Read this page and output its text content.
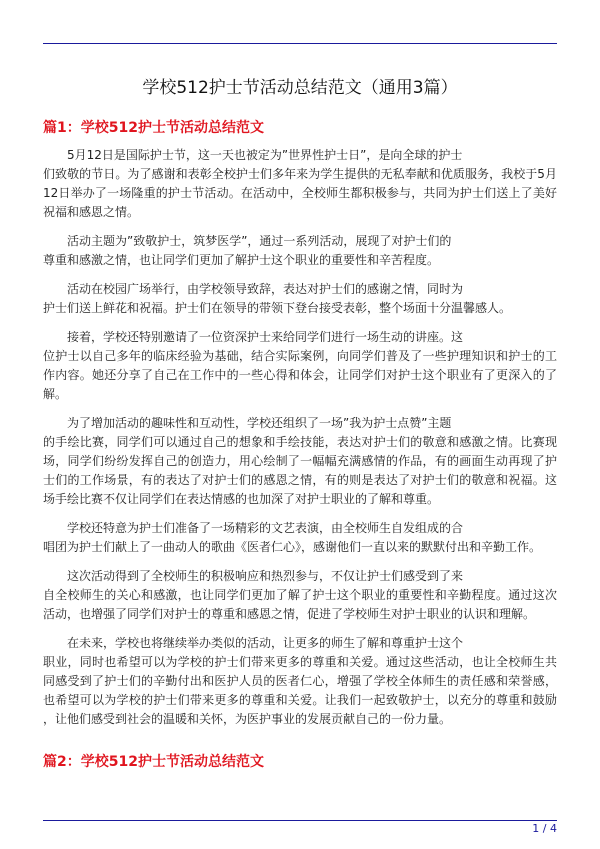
学校512护士节活动总结范文（通用3篇）
篇1：学校512护士节活动总结范文

5月12日是国际护士节，这一天也被定为”世界性护士日”，是向全球的护士
们致敬的节日。为了感谢和表彰全校护士们多年来为学生提供的无私奉献和优质服务，我校于5月
12日举办了一场隆重的护士节活动。在活动中，全校师生都积极参与，共同为护士们送上了美好
祝福和感恩之情。

活动主题为”致敬护士，筑梦医学”，通过一系列活动，展现了对护士们的
尊重和感激之情，也让同学们更加了解护士这个职业的重要性和辛苦程度。

活动在校园广场举行，由学校领导致辞，表达对护士们的感谢之情，同时为
护士们送上鲜花和祝福。护士们在领导的带领下登台接受表彰，整个场面十分温馨感人。

接着，学校还特别邀请了一位资深护士来给同学们进行一场生动的讲座。这
位护士以自己多年的临床经验为基础，结合实际案例，向同学们普及了一些护理知识和护士的工
作内容。她还分享了自己在工作中的一些心得和体会，让同学们对护士这个职业有了更深入的了
解。

为了增加活动的趣味性和互动性，学校还组织了一场”我为护士点赞”主题
的手绘比赛，同学们可以通过自己的想象和手绘技能，表达对护士们的敬意和感激之情。比赛现
场，同学们纷纷发挥自己的创造力，用心绘制了一幅幅充满感情的作品，有的画面生动再现了护
士们的工作场景，有的表达了对护士们的感恩之情，有的则是表达了对护士们的敬意和祝福。这
场手绘比赛不仅让同学们在表达情感的也加深了对护士职业的了解和尊重。

学校还特意为护士们准备了一场精彩的文艺表演，由全校师生自发组成的合
唱团为护士们献上了一曲动人的歌曲《医者仁心》，感谢他们一直以来的默默付出和辛勤工作。

这次活动得到了全校师生的积极响应和热烈参与，不仅让护士们感受到了来
自全校师生的关心和感激，也让同学们更加了解了护士这个职业的重要性和辛勤程度。通过这次
活动，也增强了同学们对护士的尊重和感恩之情，促进了学校师生对护士职业的认识和理解。

在未来，学校也将继续举办类似的活动，让更多的师生了解和尊重护士这个
职业，同时也希望可以为学校的护士们带来更多的尊重和关爱。通过这些活动，也让全校师生共
同感受到了护士们的辛勤付出和医护人员的医者仁心，增强了学校全体师生的责任感和荣誉感，
也希望可以为学校的护士们带来更多的尊重和关爱。让我们一起致敬护士，以充分的尊重和鼓励
，让他们感受到社会的温暖和关怀，为医护事业的发展贡献自己的一份力量。

篇2：学校512护士节活动总结范文
1 / 4
